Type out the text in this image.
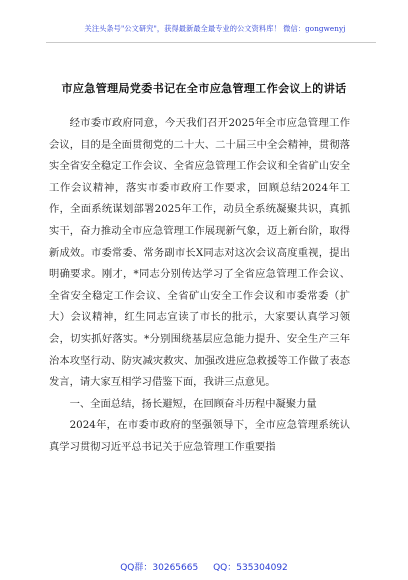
关注头条号"公文研究"，获得最新最全最专业的公文资料库！ 微信：gongwenyj
市应急管理局党委书记在全市应急管理工作会议上的讲话

经市委市政府同意，今天我们召开2025年全市应急管理工作会议，目的是全面贯彻党的二十大、二十届三中全会精神，贯彻落实全省安全稳定工作会议、全省应急管理工作会议和全省矿山安全工作会议精神，落实市委市政府工作要求，回顾总结2024年工作，全面系统谋划部署2025年工作，动员全系统凝聚共识，真抓实干，奋力推动全市应急管理工作展现新气象，迈上新台阶，取得新成效。市委常委、常务副市长X同志对这次会议高度重视，提出明确要求。刚才，*同志分别传达学习了全省应急管理工作会议、全省安全稳定工作会议、全省矿山安全工作会议和市委常委（扩大）会议精神，红生同志宣读了市长的批示，大家要认真学习领会，切实抓好落实。*分别围绕基层应急能力提升、安全生产三年治本攻坚行动、防灾减灾救灾、加强改进应急救援等工作做了表态发言，请大家互相学习借鉴下面，我讲三点意见。

一、全面总结，扬长避短，在回顾奋斗历程中凝聚力量

2024年，在市委市政府的坚强领导下，全市应急管理系统认真学习贯彻习近平总书记关于应急管理工作重要指

QQ群：30265665 QQ：535304092
